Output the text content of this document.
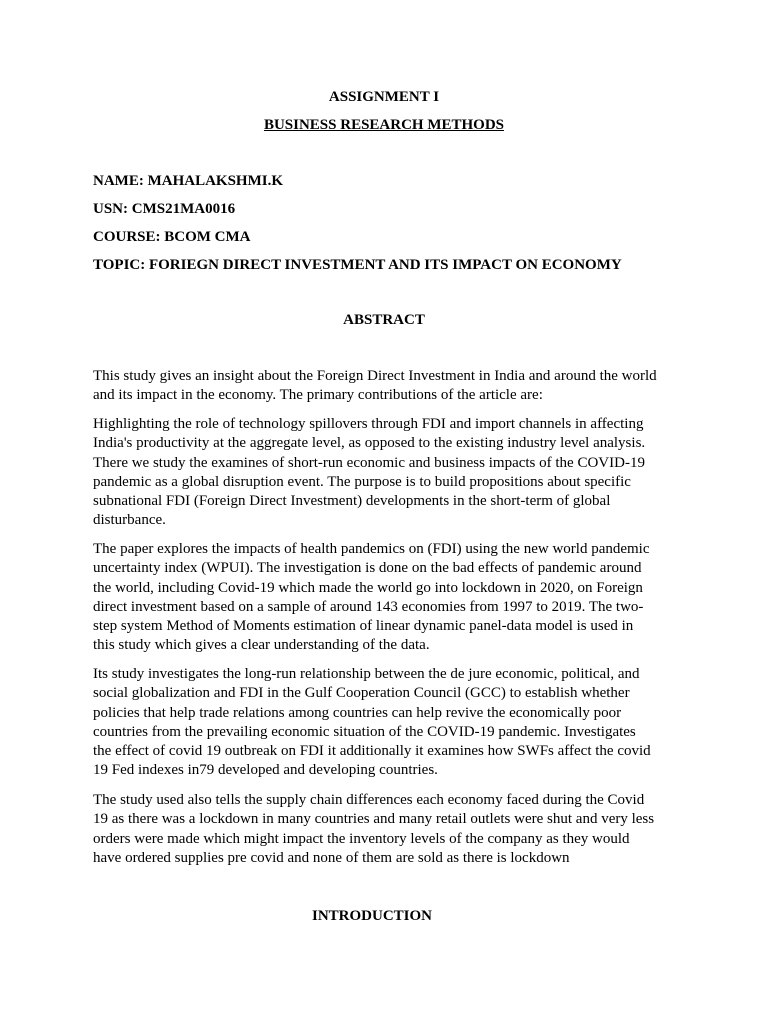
ASSIGNMENT I
BUSINESS RESEARCH METHODS
NAME: MAHALAKSHMI.K
USN: CMS21MA0016
COURSE: BCOM CMA
TOPIC: FORIEGN DIRECT INVESTMENT AND ITS IMPACT ON ECONOMY
ABSTRACT
This study gives an insight about the Foreign Direct Investment in India and around the world
and its impact in the economy. The primary contributions of the article are:
Highlighting the role of technology spillovers through FDI and import channels in affecting
India's productivity at the aggregate level, as opposed to the existing industry level analysis.
There we study the examines of short-run economic and business impacts of the COVID-19
pandemic as a global disruption event. The purpose is to build propositions about specific
subnational FDI (Foreign Direct Investment) developments in the short-term of global
disturbance.
The paper explores the impacts of health pandemics on (FDI) using the new world pandemic
uncertainty index (WPUI). The investigation is done on the bad effects of pandemic around
the world, including Covid-19 which made the world go into lockdown in 2020, on Foreign
direct investment based on a sample of around 143 economies from 1997 to 2019. The two-
step system Method of Moments estimation of linear dynamic panel-data model is used in
this study which gives a clear understanding of the data.
Its study investigates the long-run relationship between the de jure economic, political, and
social globalization and FDI in the Gulf Cooperation Council (GCC) to establish whether
policies that help trade relations among countries can help revive the economically poor
countries from the prevailing economic situation of the COVID-19 pandemic. Investigates
the effect of covid 19 outbreak on FDI it additionally it examines how SWFs affect the covid
19 Fed indexes in79 developed and developing countries.
The study used also tells the supply chain differences each economy faced during the Covid
19 as there was a lockdown in many countries and many retail outlets were shut and very less
orders were made which might impact the inventory levels of the company as they would
have ordered supplies pre covid and none of them are sold as there is lockdown
INTRODUCTION
